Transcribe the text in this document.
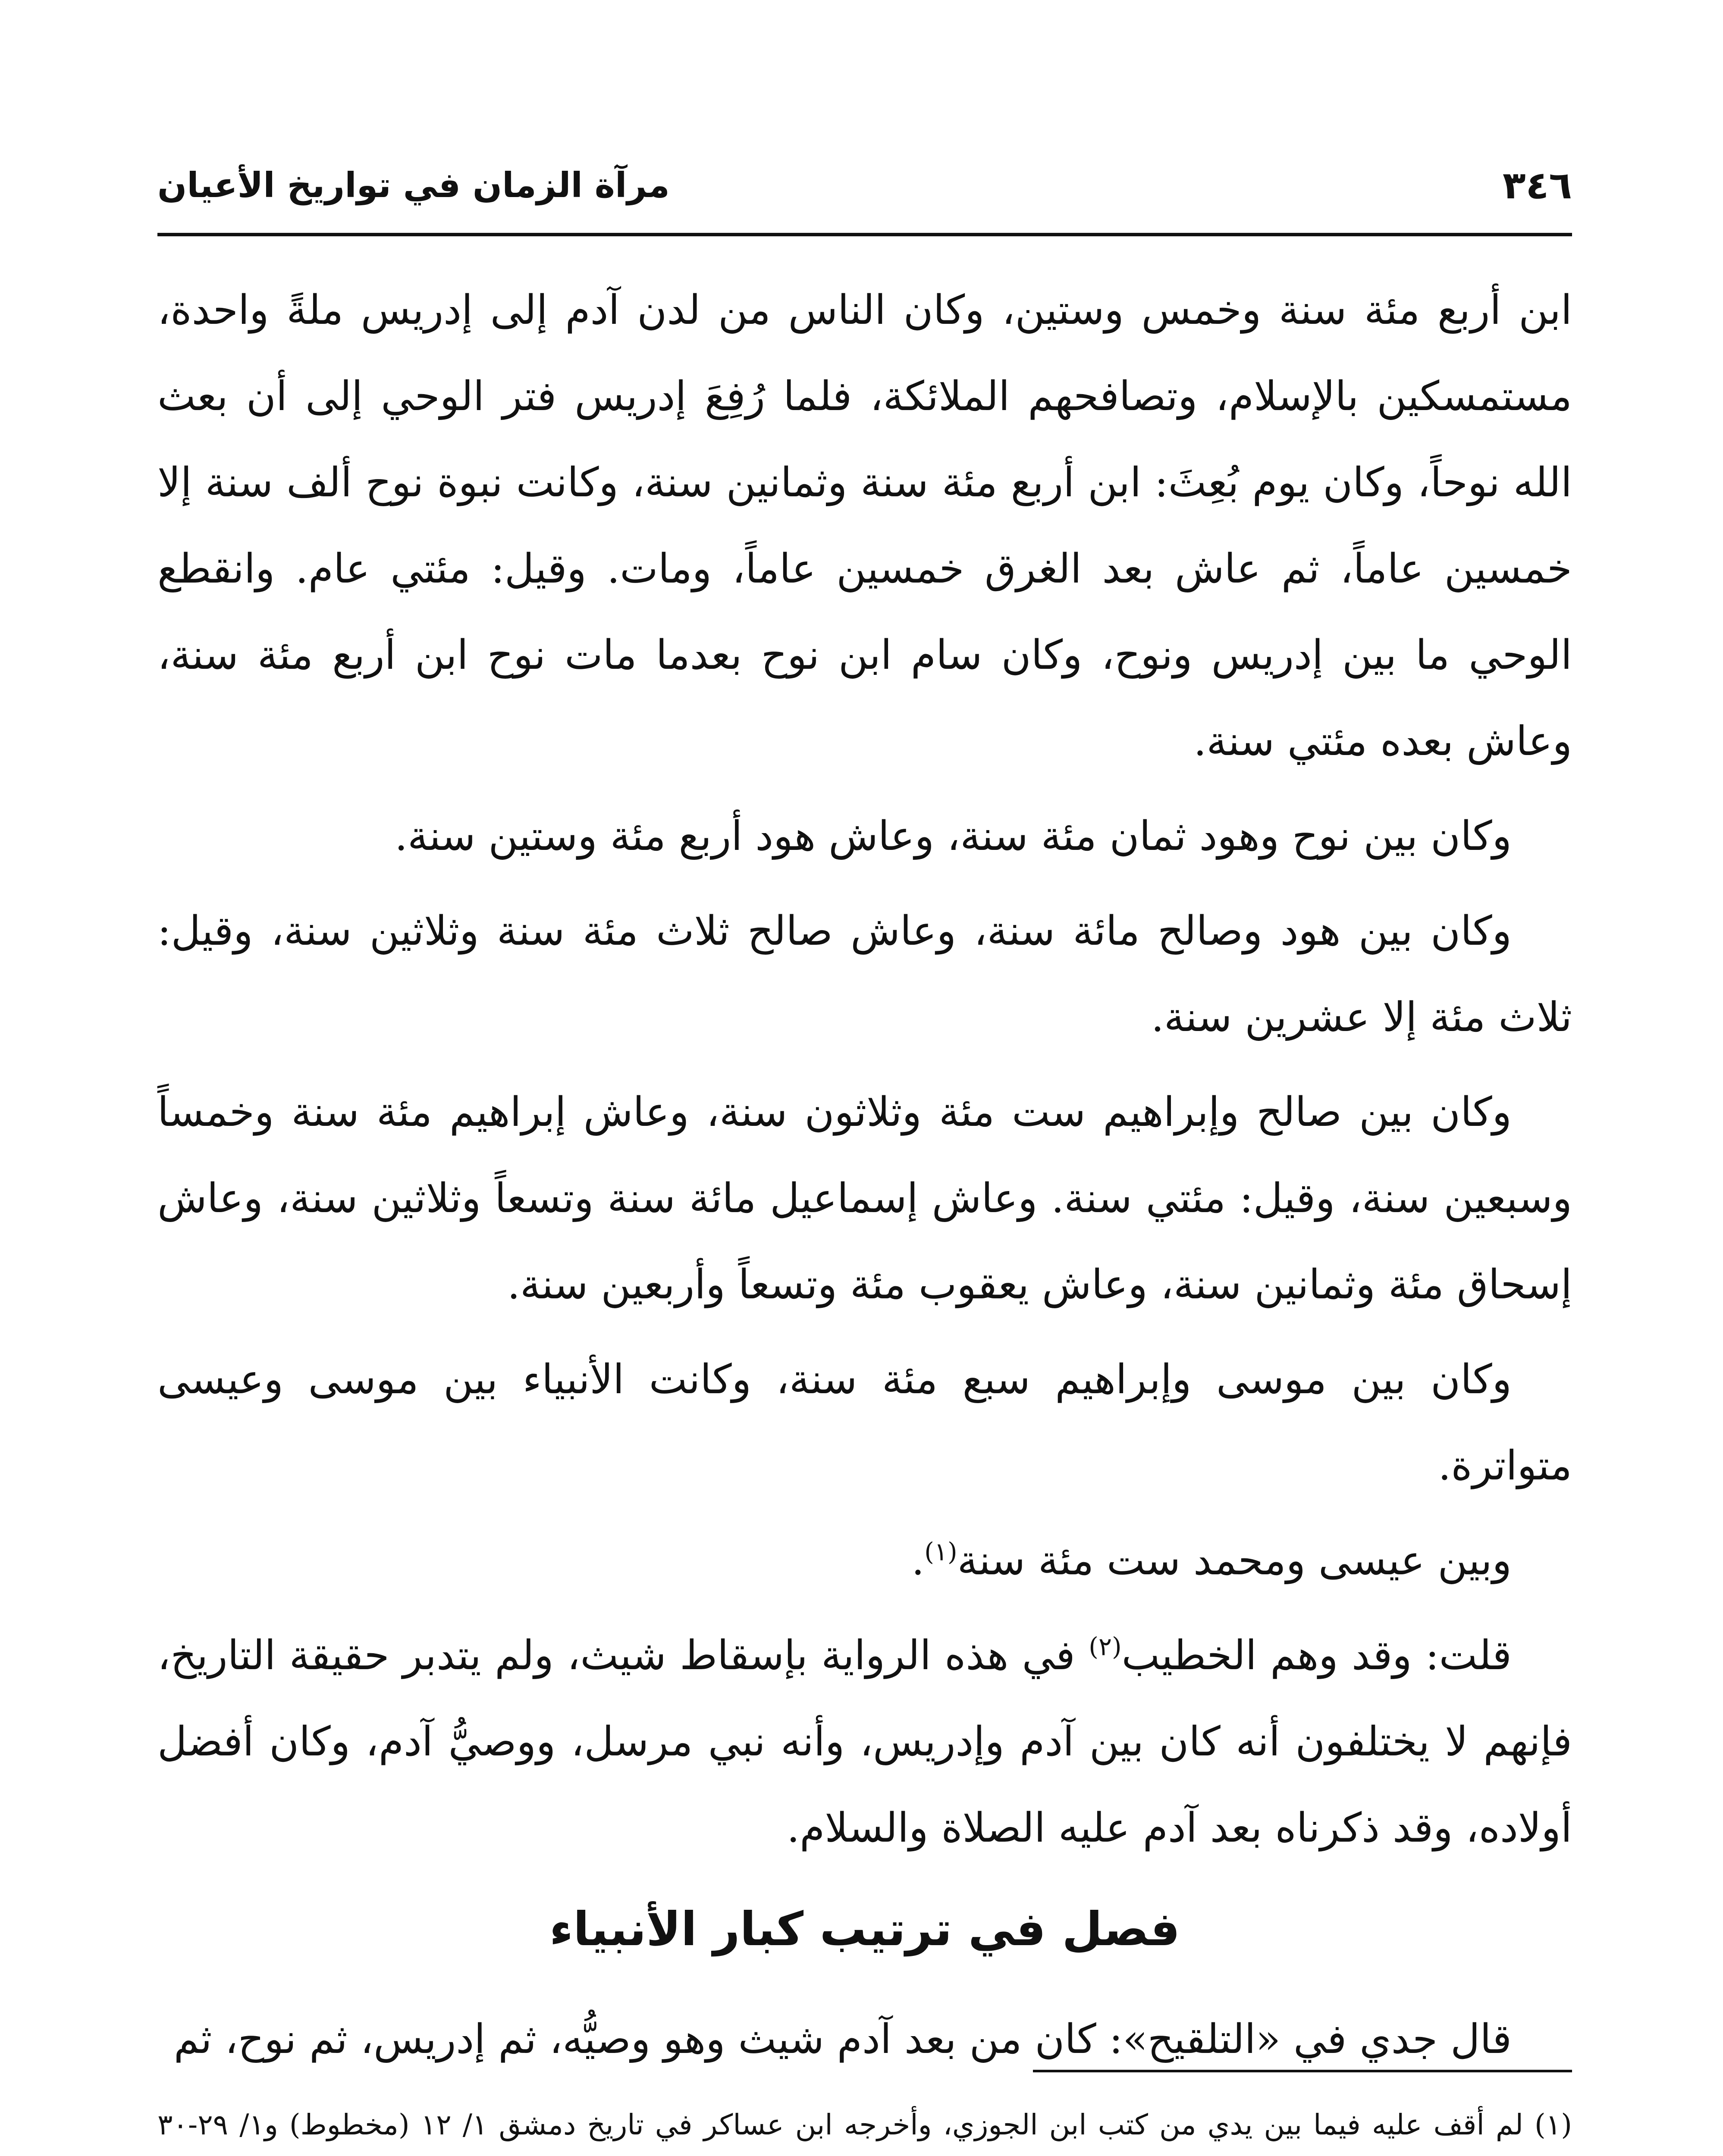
٣٤٦
مرآة الزمان في تواريخ الأعيان

ابن أربع مئة سنة وخمس وستين، وكان الناس من لدن آدم إلى إدريس ملةً واحدة، مستمسكين بالإسلام، وتصافحهم الملائكة، فلما رُفِعَ إدريس فتر الوحي إلى أن بعث الله نوحاً، وكان يوم بُعِثَ: ابن أربع مئة سنة وثمانين سنة، وكانت نبوة نوح ألف سنة إلا خمسين عاماً، ثم عاش بعد الغرق خمسين عاماً، ومات. وقيل: مئتي عام. وانقطع الوحي ما بين إدريس ونوح، وكان سام ابن نوح بعدما مات نوح ابن أربع مئة سنة، وعاش بعده مئتي سنة.

وكان بين نوح وهود ثمان مئة سنة، وعاش هود أربع مئة وستين سنة.

وكان بين هود وصالح مائة سنة، وعاش صالح ثلاث مئة سنة وثلاثين سنة، وقيل: ثلاث مئة إلا عشرين سنة.

وكان بين صالح وإبراهيم ست مئة وثلاثون سنة، وعاش إبراهيم مئة سنة وخمساً وسبعين سنة، وقيل: مئتي سنة. وعاش إسماعيل مائة سنة وتسعاً وثلاثين سنة، وعاش إسحاق مئة وثمانين سنة، وعاش يعقوب مئة وتسعاً وأربعين سنة.

وكان بين موسى وإبراهيم سبع مئة سنة، وكانت الأنبياء بين موسى وعيسى متواترة.

وبين عيسى ومحمد ست مئة سنة$^{(١)}$.

قلت: وقد وهم الخطيب$^{(٢)}$ في هذه الرواية بإسقاط شيث، ولم يتدبر حقيقة التاريخ، فإنهم لا يختلفون أنه كان بين آدم وإدريس، وأنه نبي مرسل، ووصيُّ آدم، وكان أفضل أولاده، وقد ذكرناه بعد آدم عليه الصلاة والسلام.

فصل في ترتيب كبار الأنبياء

قال جدي في «التلقيح»: كان من بعد آدم شيث وهو وصيُّه، ثم إدريس، ثم نوح، ثم

(١) لم أقف عليه فيما بين يدي من كتب ابن الجوزي، وأخرجه ابن عساكر في تاريخ دمشق ١/ ١٢ (مخطوط) و١/ ٢٩-٣٠
